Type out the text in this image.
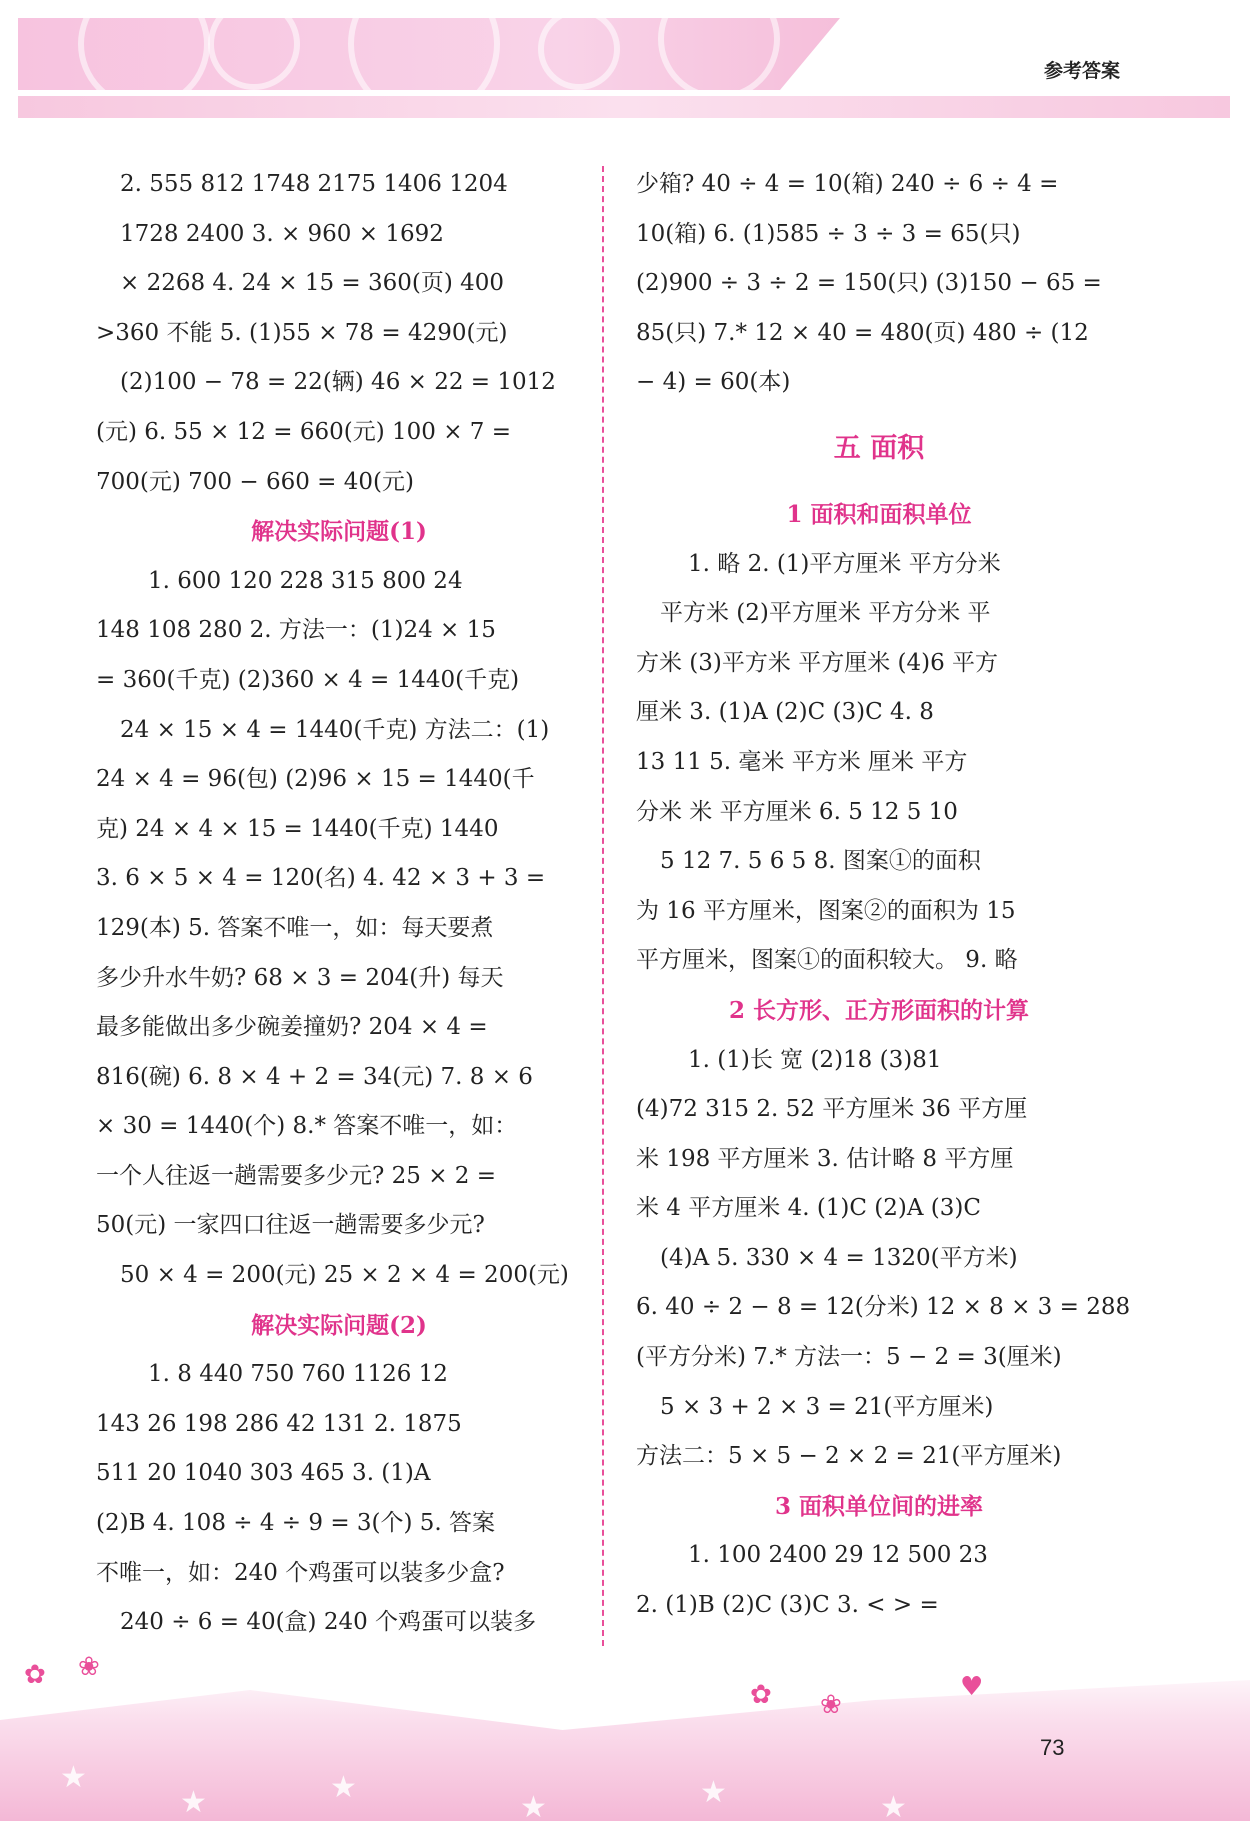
参考答案
2. 555 812 1748 2175 1406 1204
1728 2400 3. × 960 × 1692
× 2268 4. 24 × 15 = 360(页) 400
>360 不能 5. (1)55 × 78 = 4290(元)
(2)100 − 78 = 22(辆) 46 × 22 = 1012
(元) 6. 55 × 12 = 660(元) 100 × 7 =
700(元) 700 − 660 = 40(元)
解决实际问题(1)
1. 600 120 228 315 800 24
148 108 280 2. 方法一：(1)24 × 15
= 360(千克) (2)360 × 4 = 1440(千克)
24 × 15 × 4 = 1440(千克) 方法二：(1)
24 × 4 = 96(包) (2)96 × 15 = 1440(千
克) 24 × 4 × 15 = 1440(千克) 1440
3. 6 × 5 × 4 = 120(名) 4. 42 × 3 + 3 =
129(本) 5. 答案不唯一，如：每天要煮
多少升水牛奶? 68 × 3 = 204(升) 每天
最多能做出多少碗姜撞奶? 204 × 4 =
816(碗) 6. 8 × 4 + 2 = 34(元) 7. 8 × 6
× 30 = 1440(个) 8.* 答案不唯一，如：
一个人往返一趟需要多少元? 25 × 2 =
50(元) 一家四口往返一趟需要多少元?
50 × 4 = 200(元) 25 × 2 × 4 = 200(元)
解决实际问题(2)
1. 8 440 750 760 1126 12
143 26 198 286 42 131 2. 1875
511 20 1040 303 465 3. (1)A
(2)B 4. 108 ÷ 4 ÷ 9 = 3(个) 5. 答案
不唯一，如：240 个鸡蛋可以装多少盒?
240 ÷ 6 = 40(盒) 240 个鸡蛋可以装多
少箱? 40 ÷ 4 = 10(箱) 240 ÷ 6 ÷ 4 =
10(箱) 6. (1)585 ÷ 3 ÷ 3 = 65(只)
(2)900 ÷ 3 ÷ 2 = 150(只) (3)150 − 65 =
85(只) 7.* 12 × 40 = 480(页) 480 ÷ (12
− 4) = 60(本)
五 面积
1 面积和面积单位
1. 略 2. (1)平方厘米 平方分米
平方米 (2)平方厘米 平方分米 平
方米 (3)平方米 平方厘米 (4)6 平方
厘米 3. (1)A (2)C (3)C 4. 8
13 11 5. 毫米 平方米 厘米 平方
分米 米 平方厘米 6. 5 12 5 10
5 12 7. 5 6 5 8. 图案①的面积
为 16 平方厘米，图案②的面积为 15
平方厘米，图案①的面积较大。 9. 略
2 长方形、正方形面积的计算
1. (1)长 宽 (2)18 (3)81
(4)72 315 2. 52 平方厘米 36 平方厘
米 198 平方厘米 3. 估计略 8 平方厘
米 4 平方厘米 4. (1)C (2)A (3)C
(4)A 5. 330 × 4 = 1320(平方米)
6. 40 ÷ 2 − 8 = 12(分米) 12 × 8 × 3 = 288
(平方分米) 7.* 方法一：5 − 2 = 3(厘米)
5 × 3 + 2 × 3 = 21(平方厘米)
方法二：5 × 5 − 2 × 2 = 21(平方厘米)
3 面积单位间的进率
1. 100 2400 29 12 500 23
2. (1)B (2)C (3)C 3. < > =
★
★	★
★	★	★
✿ ❀
✿ ❀
♥
73
